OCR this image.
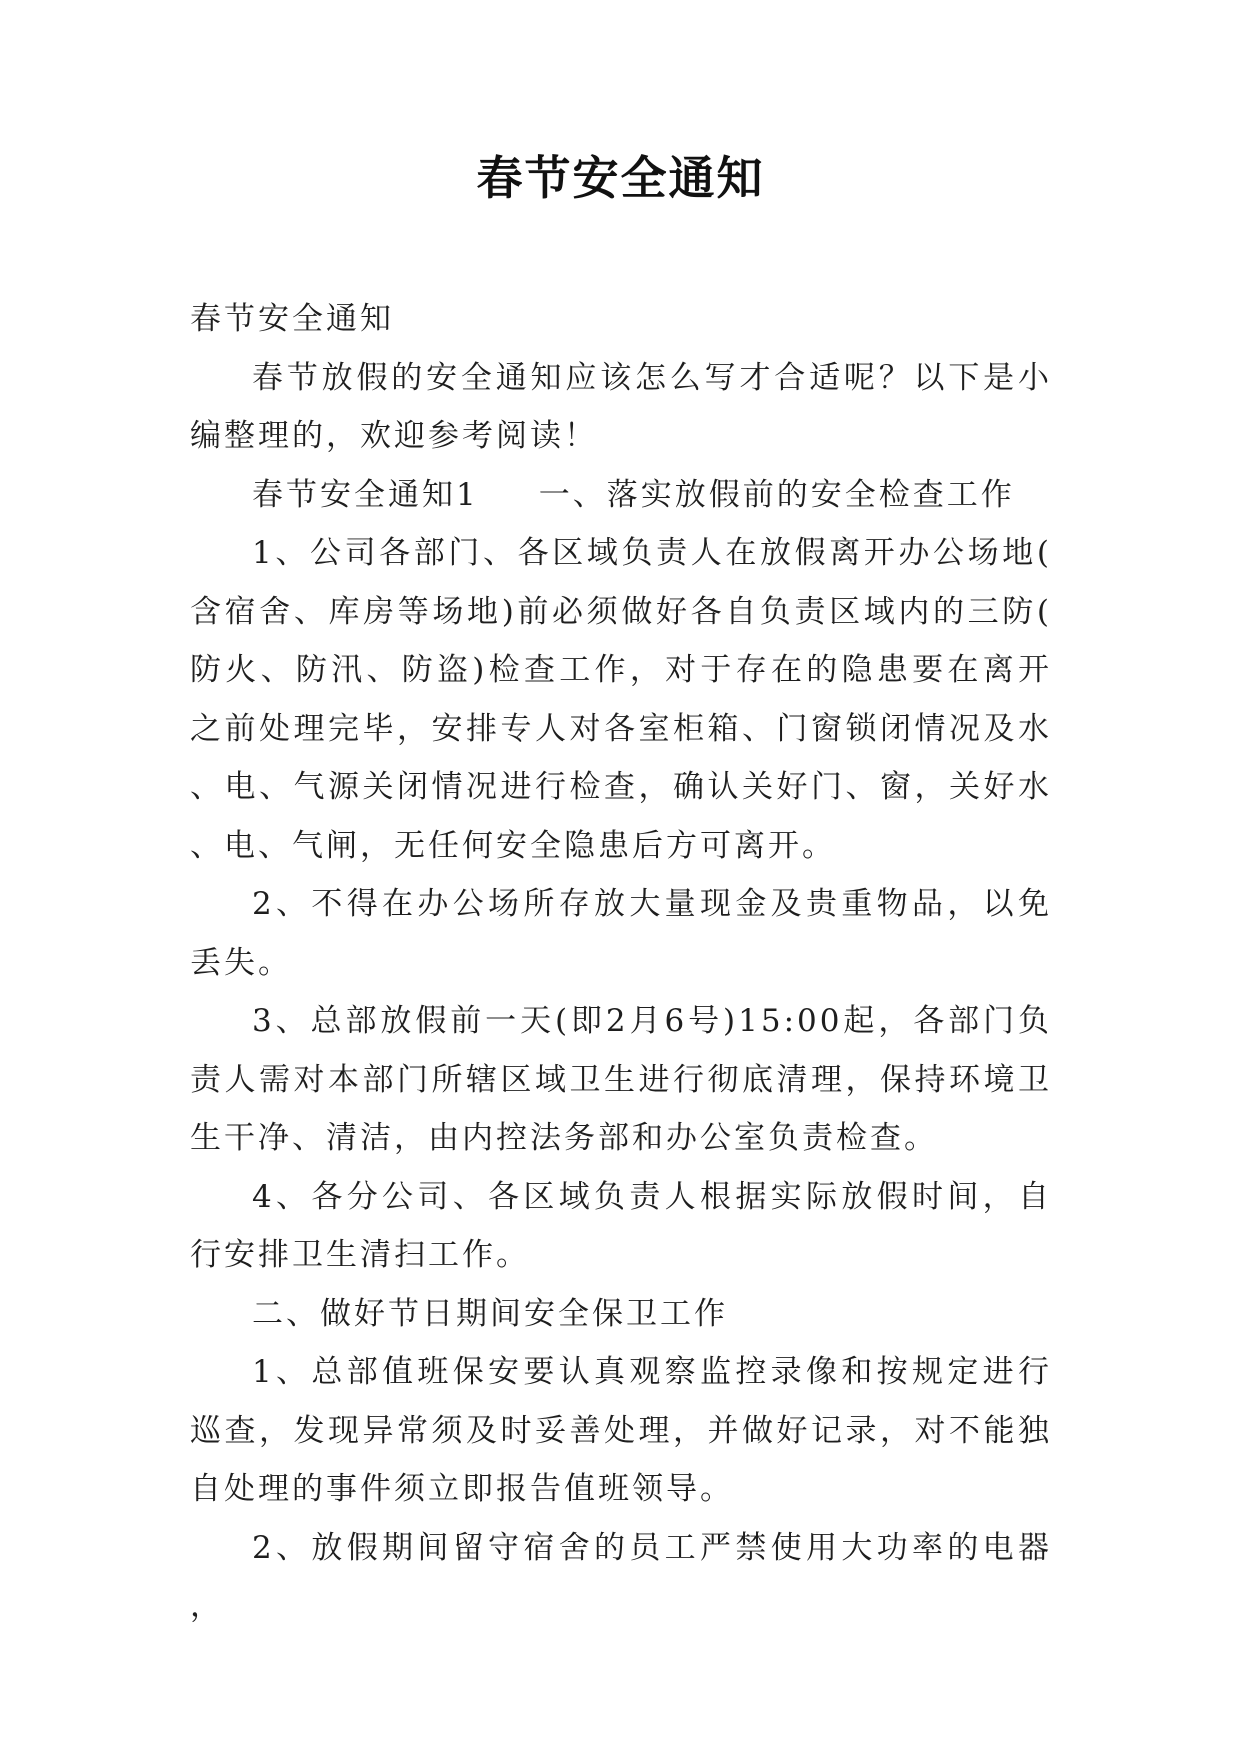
春节安全通知

春节安全通知

春节放假的安全通知应该怎么写才合适呢？以下是小编整理的，欢迎参考阅读！

春节安全通知1 一、落实放假前的安全检查工作

1、公司各部门、各区域负责人在放假离开办公场地(含宿舍、库房等场地)前必须做好各自负责区域内的三防(防火、防汛、防盗)检查工作，对于存在的隐患要在离开之前处理完毕，安排专人对各室柜箱、门窗锁闭情况及水、电、气源关闭情况进行检查，确认关好门、窗，关好水、电、气闸，无任何安全隐患后方可离开。

2、不得在办公场所存放大量现金及贵重物品，以免丢失。

3、总部放假前一天(即2月6号)15:00起，各部门负责人需对本部门所辖区域卫生进行彻底清理，保持环境卫生干净、清洁，由内控法务部和办公室负责检查。

4、各分公司、各区域负责人根据实际放假时间，自行安排卫生清扫工作。

二、做好节日期间安全保卫工作

1、总部值班保安要认真观察监控录像和按规定进行巡查，发现异常须及时妥善处理，并做好记录，对不能独自处理的事件须立即报告值班领导。

2、放假期间留守宿舍的员工严禁使用大功率的电器，
